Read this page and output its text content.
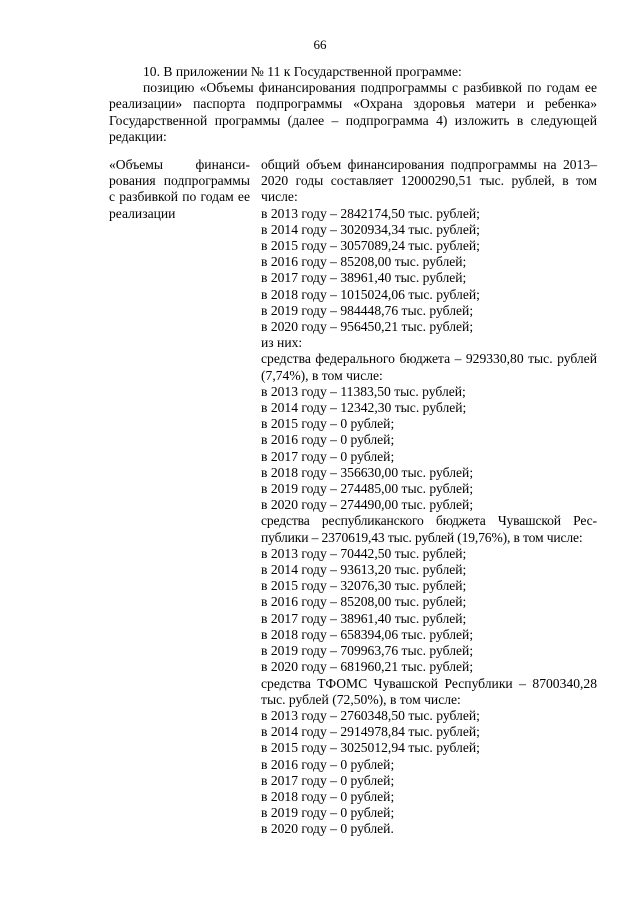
66

10. В приложении № 11 к Государственной программе:

позицию «Объемы финансирования подпрограммы с разбивкой по годам ее реализации» паспорта подпрограммы «Охрана здоровья матери и ребенка» Государственной программы (далее – подпрограмма 4) изложить в следующей редакции:

«Объемы финансирования подпрограммы с разбивкой по годам ее реализации
общий объем финансирования подпрограммы на 2013–2020 годы составляет 12000290,51 тыс. рублей, в том числе:
в 2013 году – 2842174,50 тыс. рублей;
в 2014 году – 3020934,34 тыс. рублей;
в 2015 году – 3057089,24 тыс. рублей;
в 2016 году – 85208,00 тыс. рублей;
в 2017 году – 38961,40 тыс. рублей;
в 2018 году – 1015024,06 тыс. рублей;
в 2019 году – 984448,76 тыс. рублей;
в 2020 году – 956450,21 тыс. рублей;
из них:
средства федерального бюджета – 929330,80 тыс. рублей (7,74%), в том числе:
в 2013 году – 11383,50 тыс. рублей;
в 2014 году – 12342,30 тыс. рублей;
в 2015 году – 0 рублей;
в 2016 году – 0 рублей;
в 2017 году – 0 рублей;
в 2018 году – 356630,00 тыс. рублей;
в 2019 году – 274485,00 тыс. рублей;
в 2020 году – 274490,00 тыс. рублей;
средства республиканского бюджета Чувашской Республики – 2370619,43 тыс. рублей (19,76%), в том числе:
в 2013 году – 70442,50 тыс. рублей;
в 2014 году – 93613,20 тыс. рублей;
в 2015 году – 32076,30 тыс. рублей;
в 2016 году – 85208,00 тыс. рублей;
в 2017 году – 38961,40 тыс. рублей;
в 2018 году – 658394,06 тыс. рублей;
в 2019 году – 709963,76 тыс. рублей;
в 2020 году – 681960,21 тыс. рублей;
средства ТФОМС Чувашской Республики – 8700340,28 тыс. рублей (72,50%), в том числе:
в 2013 году – 2760348,50 тыс. рублей;
в 2014 году – 2914978,84 тыс. рублей;
в 2015 году – 3025012,94 тыс. рублей;
в 2016 году – 0 рублей;
в 2017 году – 0 рублей;
в 2018 году – 0 рублей;
в 2019 году – 0 рублей;
в 2020 году – 0 рублей.
